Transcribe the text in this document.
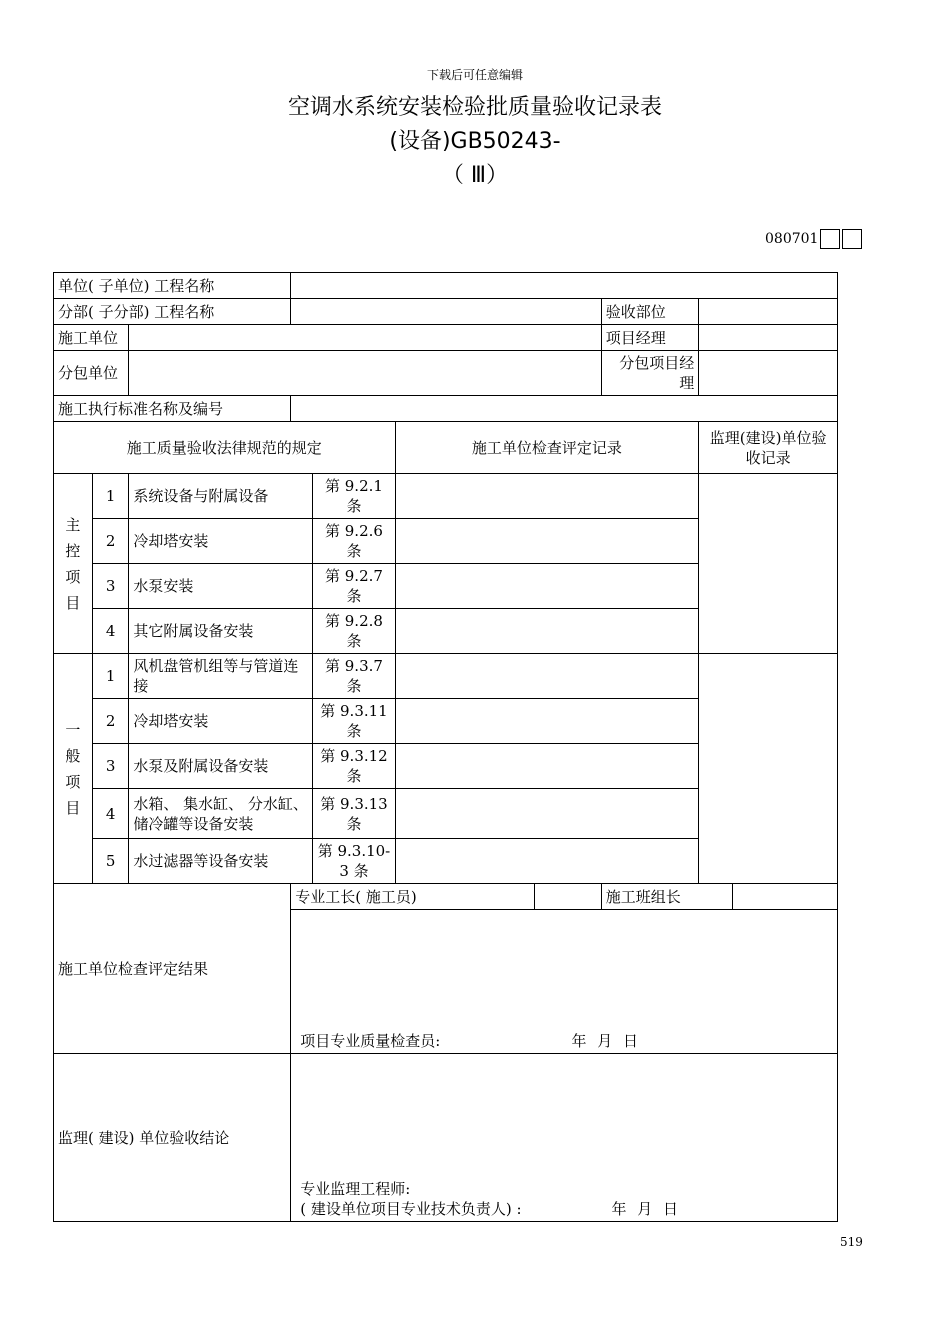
下载后可任意编辑
空调水系统安装检验批质量验收记录表
(设备)GB50243-
（ Ⅲ）
080701
单位( 子单位) 工程名称									
分部( 子分部) 工程名称							验收部位		
施工单位							项目经理		
分包单位							分包项目经理		
施工执行标准名称及编号									
施工质量验收法律规范的规定					施工单位检查评定记录			监理(建设)单位验收记录	

主
控
项
目	1	系统设备与附属设备		第 9.2.1 条					
	2	冷却塔安装		第 9.2.6 条					
	3	水泵安装		第 9.2.7 条					
	4	其它附属设备安装		第 9.2.8 条					

一
般
项
目	1	风机盘管机组等与管道连接		第 9.3.7 条					
	2	冷却塔安装		第 9.3.11 条					
	3	水泵及附属设备安装		第 9.3.12 条					
	4	水箱、 集水缸、 分水缸、储冷罐等设备安装		第 9.3.13 条					
	5	水过滤器等设备安装		第 9.3.10-3 条					
施工单位检查评定结果			专业工长( 施工员)				施工班组长		

			项目专业质量检查员: 年 月 日						

监理( 建设) 单位验收结论			专业监理工程师:
( 建设单位项目专业技术负责人) : 年 月 日						
519
